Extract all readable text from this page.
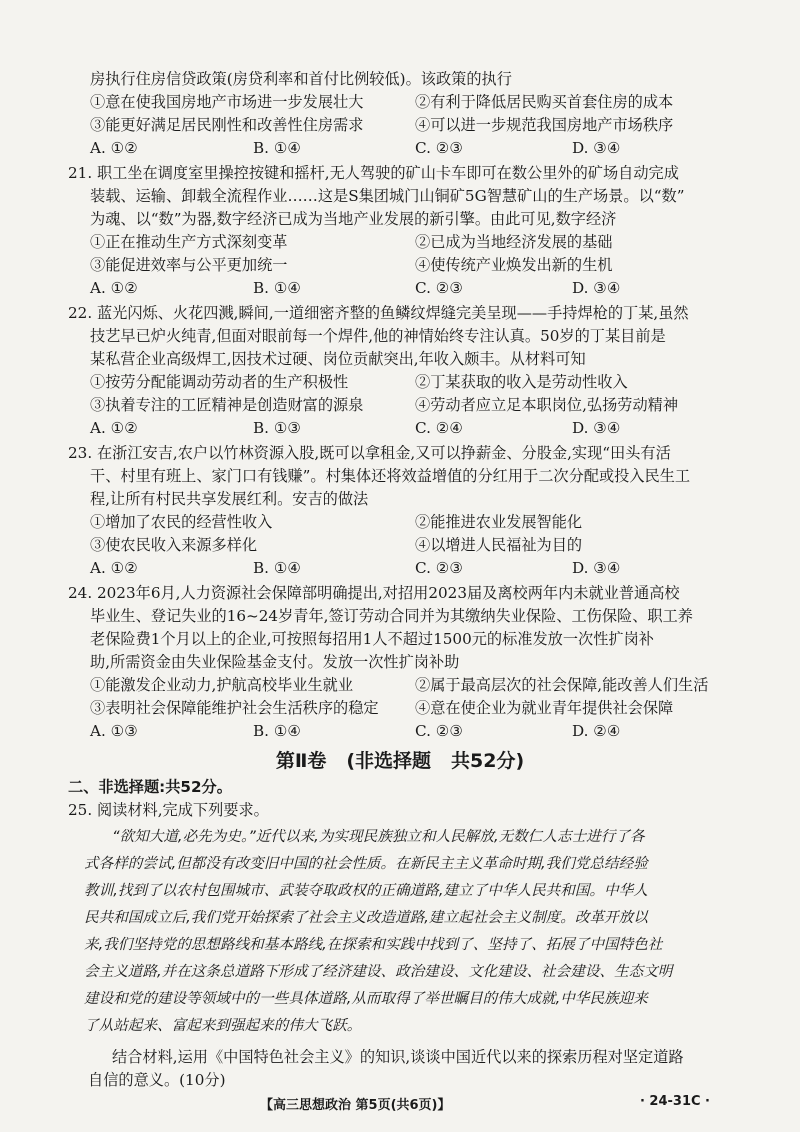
房执行住房信贷政策(房贷利率和首付比例较低)。该政策的执行
①意在使我国房地产市场进一步发展壮大	②有利于降低居民购买首套住房的成本
③能更好满足居民刚性和改善性住房需求	④可以进一步规范我国房地产市场秩序
A. ①②	B. ①④	C. ②③	D. ③④
21. 职工坐在调度室里操控按键和摇杆,无人驾驶的矿山卡车即可在数公里外的矿场自动完成
装载、运输、卸载全流程作业……这是S集团城门山铜矿5G智慧矿山的生产场景。以“数”
为魂、以“数”为器,数字经济已成为当地产业发展的新引擎。由此可见,数字经济
①正在推动生产方式深刻变革	②已成为当地经济发展的基础
③能促进效率与公平更加统一	④使传统产业焕发出新的生机
A. ①②	B. ①④	C. ②③	D. ③④
22. 蓝光闪烁、火花四溅,瞬间,一道细密齐整的鱼鳞纹焊缝完美呈现——手持焊枪的丁某,虽然
技艺早已炉火纯青,但面对眼前每一个焊件,他的神情始终专注认真。50岁的丁某目前是
某私营企业高级焊工,因技术过硬、岗位贡献突出,年收入颇丰。从材料可知
①按劳分配能调动劳动者的生产积极性	②丁某获取的收入是劳动性收入
③执着专注的工匠精神是创造财富的源泉	④劳动者应立足本职岗位,弘扬劳动精神
A. ①②	B. ①③	C. ②④	D. ③④
23. 在浙江安吉,农户以竹林资源入股,既可以拿租金,又可以挣薪金、分股金,实现“田头有活
干、村里有班上、家门口有钱赚”。村集体还将效益增值的分红用于二次分配或投入民生工
程,让所有村民共享发展红利。安吉的做法
①增加了农民的经营性收入	②能推进农业发展智能化
③使农民收入来源多样化	④以增进人民福祉为目的
A. ①②	B. ①④	C. ②③	D. ③④
24. 2023年6月,人力资源社会保障部明确提出,对招用2023届及离校两年内未就业普通高校
毕业生、登记失业的16~24岁青年,签订劳动合同并为其缴纳失业保险、工伤保险、职工养
老保险费1个月以上的企业,可按照每招用1人不超过1500元的标准发放一次性扩岗补
助,所需资金由失业保险基金支付。发放一次性扩岗补助
①能激发企业动力,护航高校毕业生就业	②属于最高层次的社会保障,能改善人们生活
③表明社会保障能维护社会生活秩序的稳定 ④意在使企业为就业青年提供社会保障
A. ①③	B. ①④	C. ②③	D. ②④
第Ⅱ卷 (非选择题 共52分)
二、非选择题:共52分。
25. 阅读材料,完成下列要求。
“欲知大道,必先为史。”近代以来,为实现民族独立和人民解放,无数仁人志士进行了各
式各样的尝试,但都没有改变旧中国的社会性质。在新民主主义革命时期,我们党总结经验
教训,找到了以农村包围城市、武装夺取政权的正确道路,建立了中华人民共和国。中华人
民共和国成立后,我们党开始探索了社会主义改造道路,建立起社会主义制度。改革开放以
来,我们坚持党的思想路线和基本路线,在探索和实践中找到了、坚持了、拓展了中国特色社
会主义道路,并在这条总道路下形成了经济建设、政治建设、文化建设、社会建设、生态文明
建设和党的建设等领域中的一些具体道路,从而取得了举世瞩目的伟大成就,中华民族迎来
了从站起来、富起来到强起来的伟大飞跃。
结合材料,运用《中国特色社会主义》的知识,谈谈中国近代以来的探索历程对坚定道路
自信的意义。(10分)
【高三思想政治 第5页(共6页)】	· 24-31C ·
